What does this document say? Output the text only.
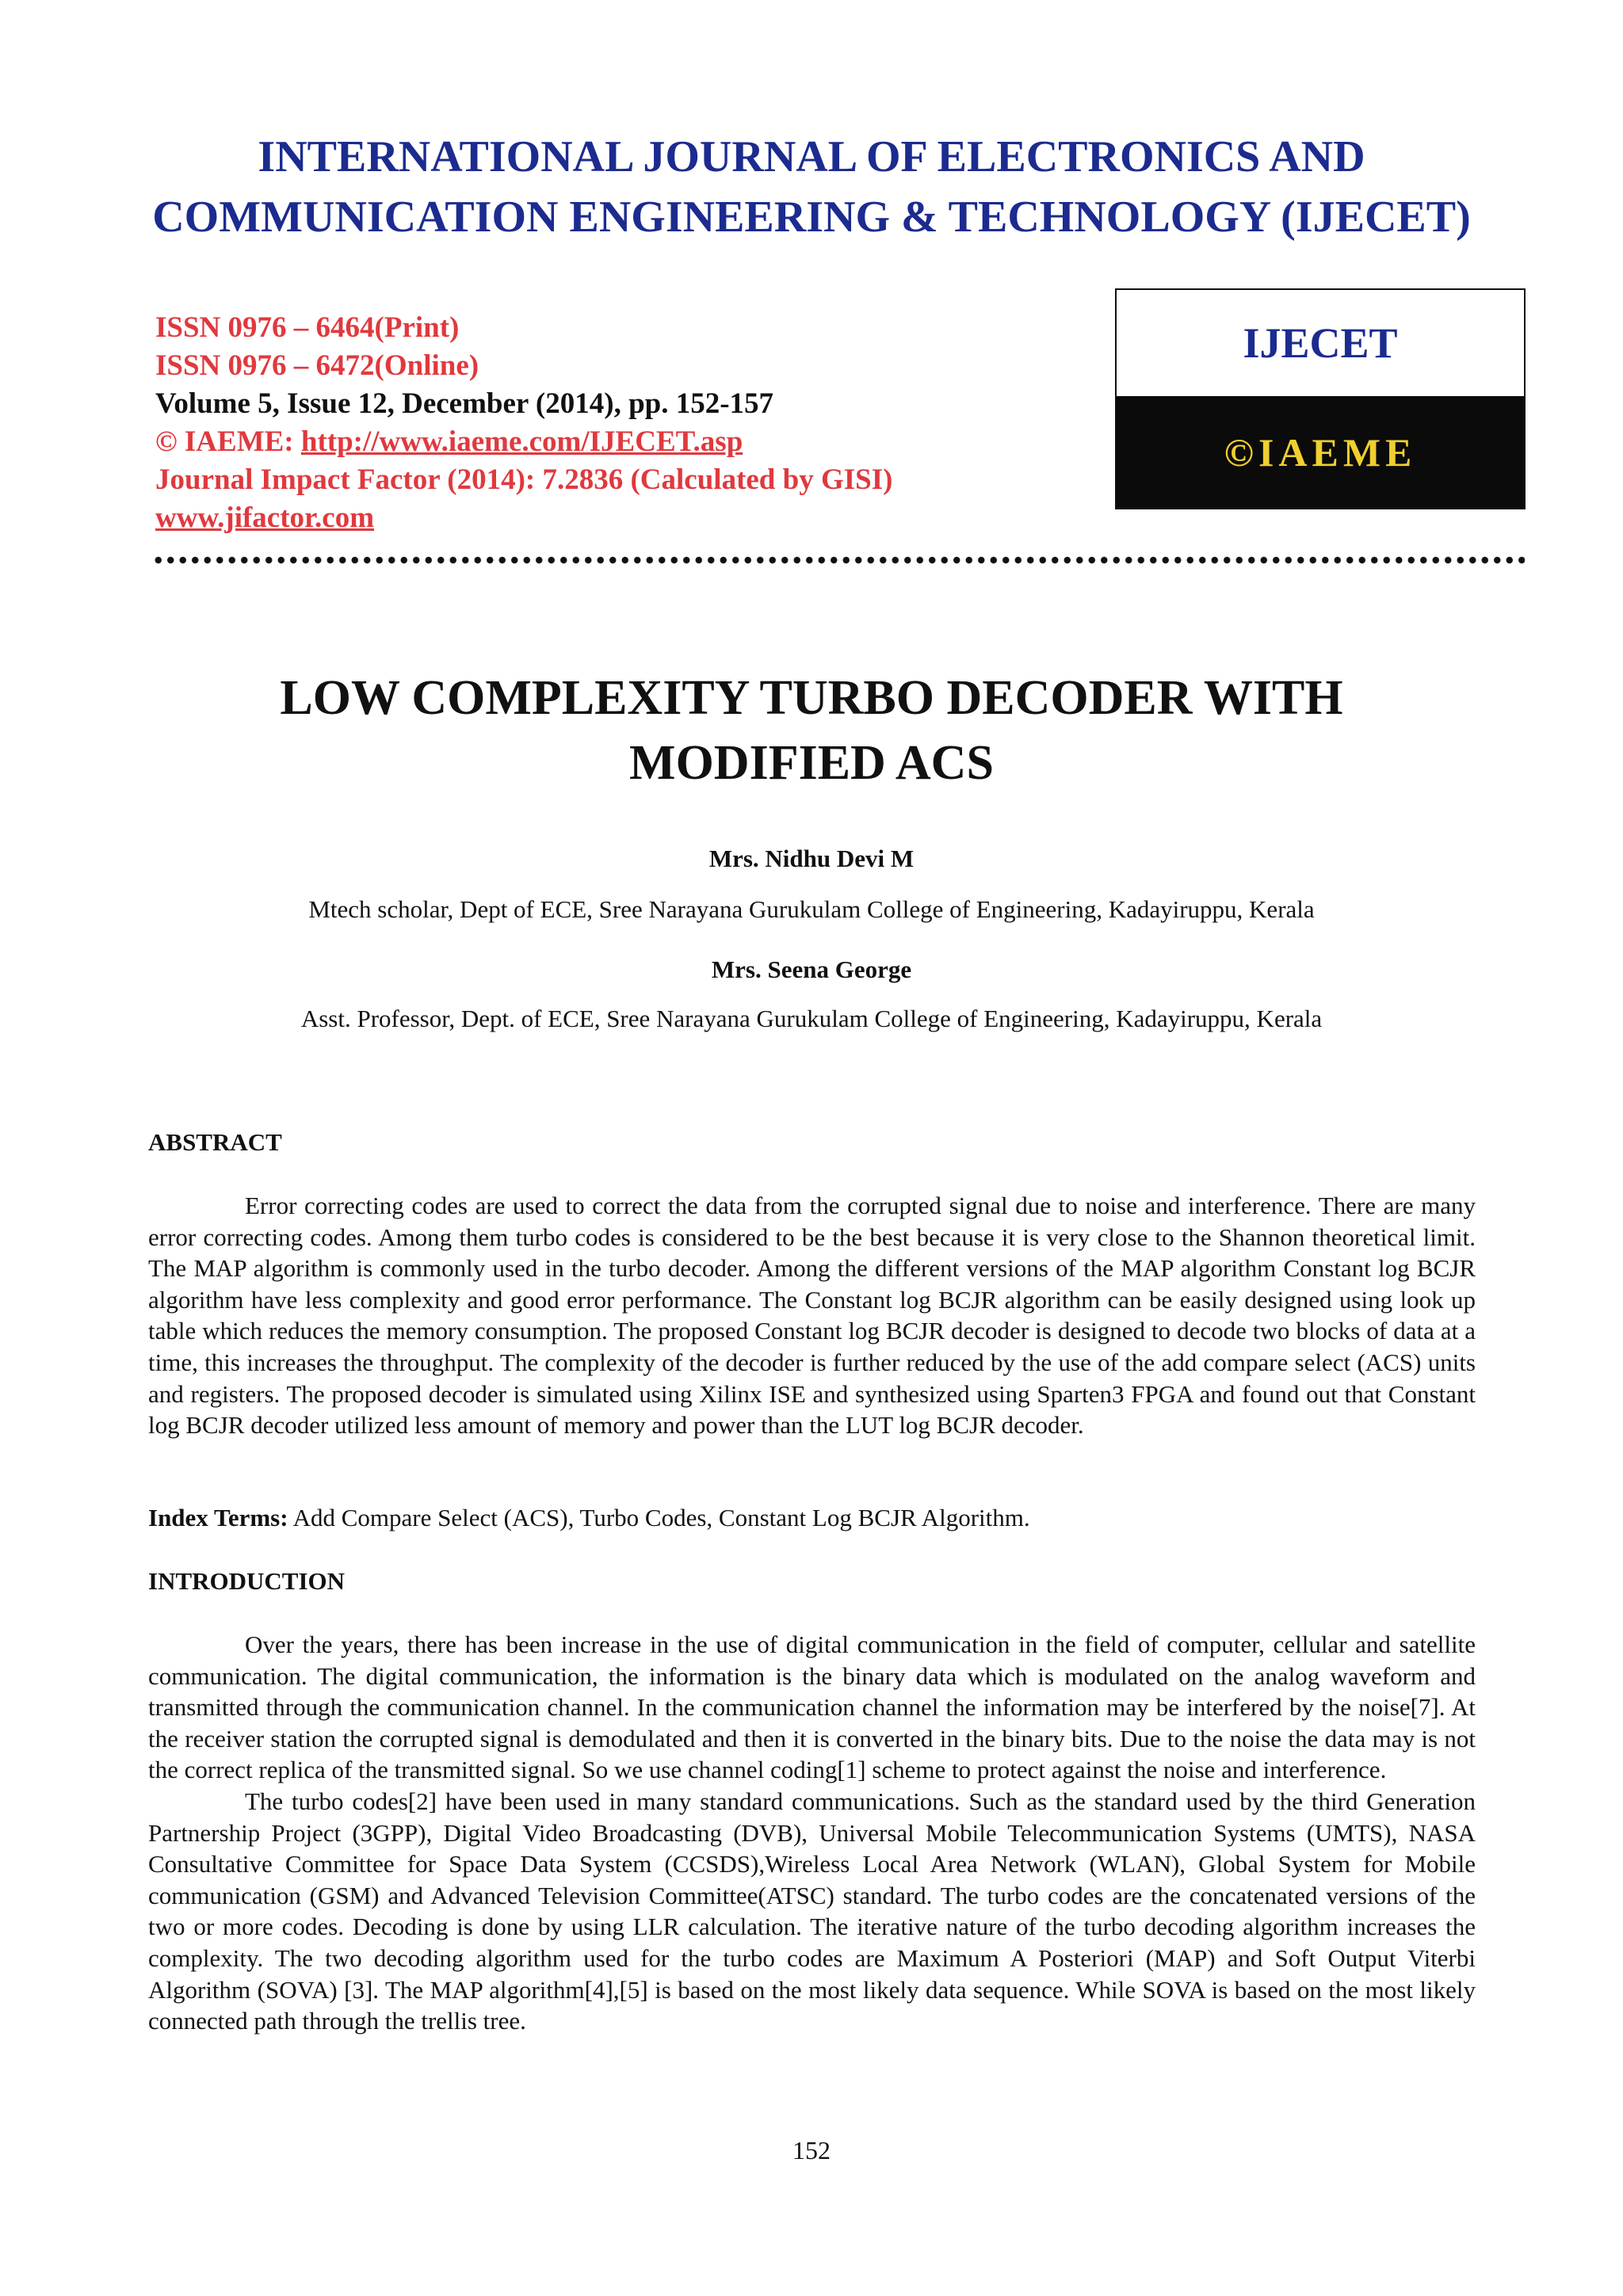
INTERNATIONAL JOURNAL OF ELECTRONICS AND
COMMUNICATION ENGINEERING & TECHNOLOGY (IJECET)
ISSN 0976 – 6464(Print)
ISSN 0976 – 6472(Online)
Volume 5, Issue 12, December (2014), pp. 152-157
© IAEME: http://www.iaeme.com/IJECET.asp
Journal Impact Factor (2014): 7.2836 (Calculated by GISI)
www.jifactor.com
IJECET
©IAEME
LOW COMPLEXITY TURBO DECODER WITH
MODIFIED ACS
Mrs. Nidhu Devi M
Mtech scholar, Dept of ECE, Sree Narayana Gurukulam College of Engineering, Kadayiruppu, Kerala
Mrs. Seena George
Asst. Professor, Dept. of ECE, Sree Narayana Gurukulam College of Engineering, Kadayiruppu, Kerala
ABSTRACT

Error correcting codes are used to correct the data from the corrupted signal due to noise and interference. There are many error correcting codes. Among them turbo codes is considered to be the best because it is very close to the Shannon theoretical limit. The MAP algorithm is commonly used in the turbo decoder. Among the different versions of the MAP algorithm Constant log BCJR algorithm have less complexity and good error performance. The Constant log BCJR algorithm can be easily designed using look up table which reduces the memory consumption. The proposed Constant log BCJR decoder is designed to decode two blocks of data at a time, this increases the throughput. The complexity of the decoder is further reduced by the use of the add compare select (ACS) units and registers. The proposed decoder is simulated using Xilinx ISE and synthesized using Sparten3 FPGA and found out that Constant log BCJR decoder utilized less amount of memory and power than the LUT log BCJR decoder.

Index Terms: Add Compare Select (ACS), Turbo Codes, Constant Log BCJR Algorithm.
INTRODUCTION

Over the years, there has been increase in the use of digital communication in the field of computer, cellular and satellite communication. The digital communication, the information is the binary data which is modulated on the analog waveform and transmitted through the communication channel. In the communication channel the information may be interfered by the noise[7]. At the receiver station the corrupted signal is demodulated and then it is converted in the binary bits. Due to the noise the data may is not the correct replica of the transmitted signal. So we use channel coding[1] scheme to protect against the noise and interference.

The turbo codes[2] have been used in many standard communications. Such as the standard used by the third Generation Partnership Project (3GPP), Digital Video Broadcasting (DVB), Universal Mobile Telecommunication Systems (UMTS), NASA Consultative Committee for Space Data System (CCSDS),Wireless Local Area Network (WLAN), Global System for Mobile communication (GSM) and Advanced Television Committee(ATSC) standard. The turbo codes are the concatenated versions of the two or more codes. Decoding is done by using LLR calculation. The iterative nature of the turbo decoding algorithm increases the complexity. The two decoding algorithm used for the turbo codes are Maximum A Posteriori (MAP) and Soft Output Viterbi Algorithm (SOVA) [3]. The MAP algorithm[4],[5] is based on the most likely data sequence. While SOVA is based on the most likely connected path through the trellis tree.

152
